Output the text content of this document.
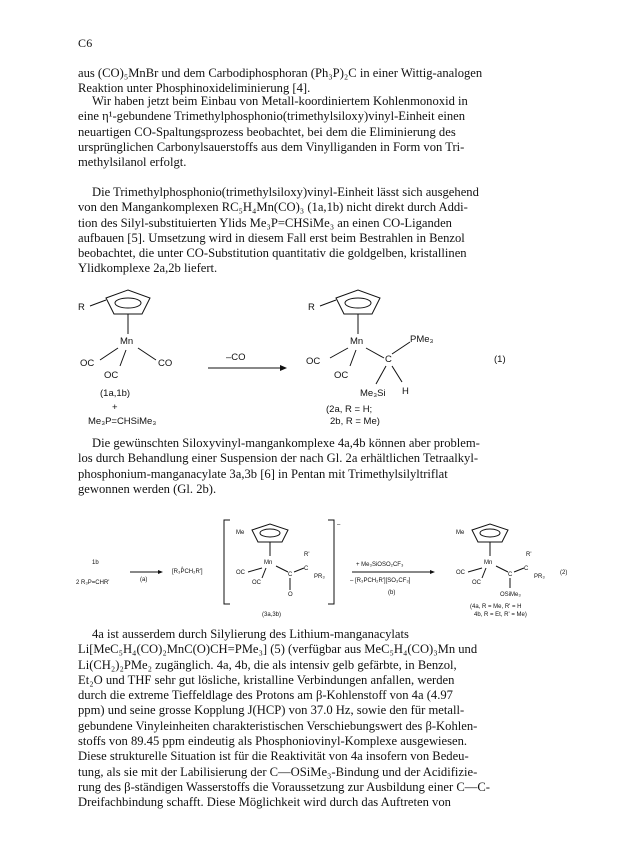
C6

aus (CO)₅MnBr und dem Carbodiphosphoran (Ph₃P)₂C in einer Wittig-analogen
Reaktion unter Phosphinoxideliminierung [4].

Wir haben jetzt beim Einbau von Metall-koordiniertem Kohlenmonoxid in
eine η¹-gebundene Trimethylphosphonio(trimethylsiloxy)vinyl-Einheit einen
neuartigen CO-Spaltungsprozess beobachtet, bei dem die Eliminierung des
ursprünglichen Carbonylsauerstoffs aus dem Vinylliganden in Form von Tri-
methylsilanol erfolgt.

Die Trimethylphosphonio(trimethylsiloxy)vinyl-Einheit lässt sich ausgehend
von den Mangankomplexen RC₅H₄Mn(CO)₃ (1a,1b) nicht direkt durch Addi-
tion des Silyl-substituierten Ylids Me₃P=CHSiMe₃ an einen CO-Liganden
aufbauen [5]. Umsetzung wird in diesem Fall erst beim Bestrahlen in Benzol
beobachtet, die unter CO-Substitution quantitativ die goldgelben, kristallinen
Ylidkomplexe 2a,2b liefert.

R
Mn
OC	CO
OC
(1a,1b)
+
Me₃P=CHSiMe₃
–CO
R
Mn
OC
OC
C
PMe₃
Me₃Si H
(1)
(2a, R = H;
2b, R = Me)

Die gewünschten Siloxyvinyl-mangankomplexe 4a,4b können aber problem-
los durch Behandlung einer Suspension der nach Gl. 2a erhältlichen Tetraalkyl-
phosphonium-manganacylate 3a,3b [6] in Pentan mit Trimethylsilyltriflat
gewonnen werden (Gl. 2b).

1b
2 R₃P=CHR'	(a)
[R₃P̊CH₂R']
–
Me
Mn
OC
OC
C
O
C
R'
PR₃
(3a,3b)
+ Me₃SiOSO₂CF₃
– [R₃PCH₂R'][SO₃CF₃]
(b)
Me
Mn
OC
OC
C
OSiMe₃
C
R'
PR₃
(2)
(4a, R = Me, R' = H
4b, R = Et, R' = Me)

4a ist ausserdem durch Silylierung des Lithium-manganacylats
Li[MeC₅H₄(CO)₂MnC(O)CH=PMe₃] (5) (verfügbar aus MeC₅H₄(CO)₃Mn und
Li(CH₂)₂PMe₂ zugänglich. 4a, 4b, die als intensiv gelb gefärbte, in Benzol,
Et₂O und THF sehr gut lösliche, kristalline Verbindungen anfallen, werden
durch die extreme Tieffeldlage des Protons am β-Kohlenstoff von 4a (4.97
ppm) und seine grosse Kopplung J(HCP) von 37.0 Hz, sowie den für metall-
gebundene Vinyleinheiten charakteristischen Verschiebungswert des β-Kohlen-
stoffs von 89.45 ppm eindeutig als Phosphoniovinyl-Komplexe ausgewiesen.
Diese strukturelle Situation ist für die Reaktivität von 4a insofern von Bedeu-
tung, als sie mit der Labilisierung der C—OSiMe₃-Bindung und der Acidifizie-
rung des β-ständigen Wasserstoffs die Voraussetzung zur Ausbildung einer C—C-
Dreifachbindung schafft. Diese Möglichkeit wird durch das Auftreten von
